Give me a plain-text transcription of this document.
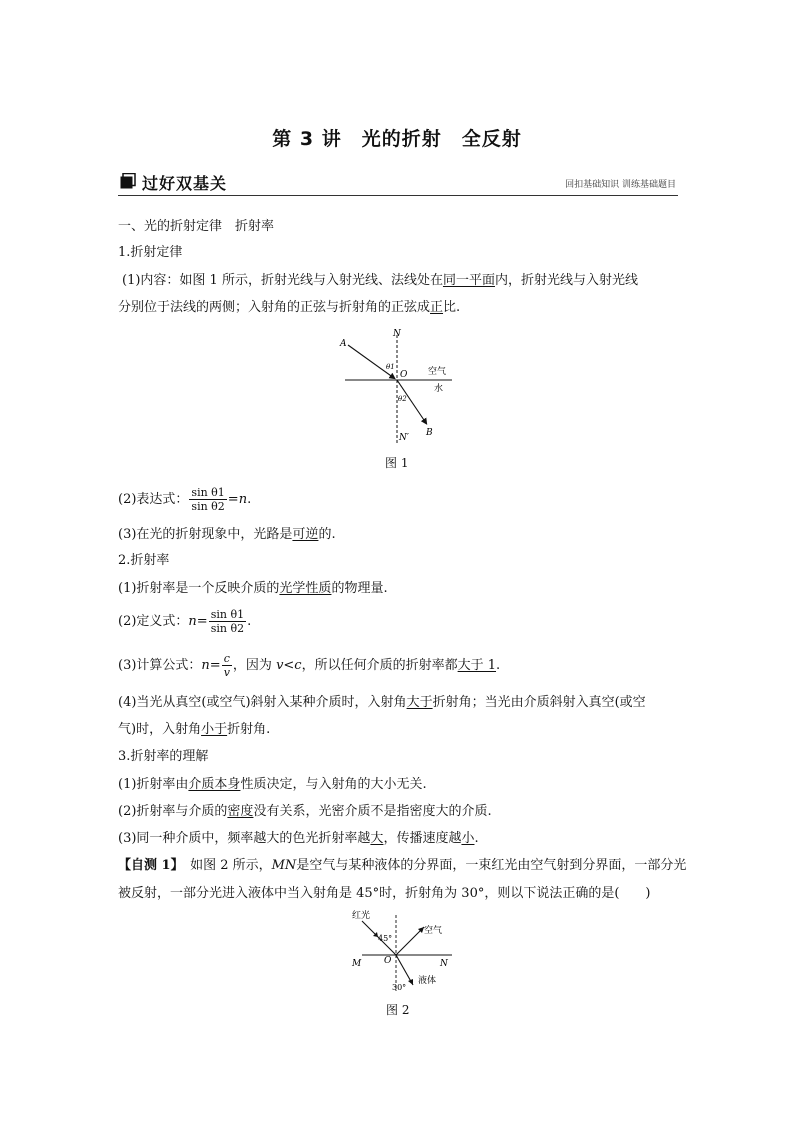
第 3 讲　光的折射　全反射
过好双基关	回扣基础知识 训练基础题目
一、光的折射定律　折射率
1.折射定律
(1)内容：如图 1 所示，折射光线与入射光线、法线处在同一平面内，折射光线与入射光线
分别位于法线的两侧；入射角的正弦与折射角的正弦成正比.
N
A
θ1
O 空气
水
θ2
B
N′
图 1
(2)表达式： $\frac{\text{sin θ1}}{\text{sin θ2}} =n$.
(3)在光的折射现象中，光路是可逆的.
2.折射率
(1)折射率是一个反映介质的光学性质的物理量.
(2)定义式：$n= \frac{\text{sin θ1}}{\text{sin θ2}}$ .
(3)计算公式：$n= \frac{c}{v}$ ，因为 v<c，所以任何介质的折射率都大于 1.
(4)当光从真空(或空气)斜射入某种介质时，入射角大于折射角；当光由介质斜射入真空(或空
气)时，入射角小于折射角.
3.折射率的理解
(1)折射率由介质本身性质决定，与入射角的大小无关.
(2)折射率与介质的密度没有关系，光密介质不是指密度大的介质.
(3)同一种介质中，频率越大的色光折射率越大，传播速度越小.
【自测 1】　如图 2 所示，MN是空气与某种液体的分界面，一束红光由空气射到分界面，一部分光
被反射，一部分光进入液体中当入射角是 45°时，折射角为 30°，则以下说法正确的是(　　)
红光
45°
空气
M	O	N
液体
30°
图 2
